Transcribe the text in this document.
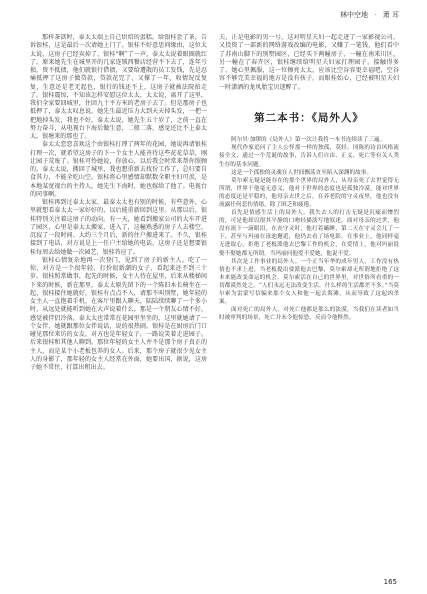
林中空地 · 萧 耳

那样茶獃时，泰太太端上自己烘焙的蛋糕，给银桂尝了茶，告诉银桂，这是最后一次请她上门了。银桂不好意思问缘由，这位太太说，这房子已经卖掉了，银桂“啊”了一声，泰太太说着眼圈就红了。原来她先生在城里开的几家连锁西餐店经营不下去了，连年亏损，资不抵债，他们就银行借债，又要给遭散的员工发钱，先是忍痛抵押了这房子做贷款，贷款花完了，又撑了一年，收情况反复复，生意还是老无起色，银行的钱还不上，这房子就被法院拍走了。银桂震惊，不知该怎样安慰这位太太，太太说，离开了这里，我们全家要回城里，住回九十平方米的老房子去了。但是那房子也抵押了，泰太太叹息说，她先生最近压力大到天天掉头发，一把一把地掉头发，我也不好，泰太太说，她先生五十岁了，之前一直在努力奋斗，从电视台下海后做生意，二般二落，感觉还比不上泰太太。银塘来的那也了。

泰太太恋恋喜欢这个由银桂打理了两年的花园，她说再请银桂打理一次，就希望这房子的下一个女主人能善待这些花花草草，刚让园子荒废了。银桂可怜她说，你放心，以后我会时常来帮你照顾的。泰太太说，搬回了城里，我也想重新去找份工作了，总归要自食其力，不能全吃山空。银桂将心里感情却默数全职主妇可羡，是本地某宽视台的主持人，她先生下海时，她也嫁给了他了。电视台的同事啊。

银桂再到过泰太太家，最泰太太也有别的时候，有些意外，心里就想看泰太太一家好好的，以后能重新回到这里。从那以后，银桂特别关注着这房子的动向。有一天，她看到搬家公司的大车开进了园区，心里是泰太太搬家，进入了，这幢熟悉的房子人去楼空，沉寂了一段时间。大约三个月后，新的住户搬进来了。不久，银桂接到了电话，对方说是上一任户主给她的电话，这房子还是想要银桂每周去给她做一次园艺，银桂答应了。

银桂心情复杂地再一次登门，见到了房子的新主人。吃了一惊，对方是一个很年轻，打扮很新潮的女子，看起来还不到三十岁。银桂照常做事，起先的时候，女主人待在屋里，后来从楼梯间下来的时候，新在那里，泰太太原先留下的一个陈旧木长椅坐在一起，银桂接住她就好，银桂有点点不入，请那不叫别墅，她年轻的女主人一直抱着手机，在客厅里跟人聊天，陆陆续续聊了一个多小时，从远处就能听到她在大声说着什么。那是一个朋友心情不好，感觉被伴侣冷落，泰太太也常常在花园里坐坐的，这里就她请了一个女伴，她就跟那位女伴说话，说的很热闹。银桂是在厨房后门口碰见那位来访的女友，对方也是年轻女子，一路说笑着走进园子。后来银桂和其他人聊到，那位年轻的女主人并不是那个房子真正的主人，而是某个小老板包养的女人。后来，那个房子就很少见女主人的身影了，那年轻的女主人经常在外面，她要出国，据说，这房子她不常住，打算出租出去。

夫，正是电影的男一号，这对明星夫妇一起走进了一家影视公司，又投资了一部新的网络游戏改编的电影，又赚了一笔钱，他们看中了苏南山脚下的别墅园区，已经买下两幢房子，一幢在南来川区，另一幢在了春卉区，银桂继续给明星夫妇家打理园子，接触得多了，她心里佩服，这一位擦亮太太，应该比空谷容更幸福吧，空谷容不够完美幸福的地方是没有孩子，而眼桂始心，已经被明星夫妇一时潇洒的龙凤胎宝贝迷醉了。

第二本书：《局外人》

阿尔贝·加缪的《局外人》第一次让我将一本书连续读了三遍。

现代作家追问了主人公怪那一样的独孤，莫轻、冈陈的诗首风格流接全文，通过一个荒诞的故事，告诉人们自由、正义、死亡等有关人类生存的基本问题。

这是一个孤独的灵魂在人世间飘荡直至陷入深渊的故事。

莫尔索无疑是能存在的那个世界的局外人，从母亲死了去世觉得无所谓，世界于他毫无意义，他对于世界的态度也是孤独冷漠，能对世界的态度还是平稳的，他母亲去世之后，在养老院的守灵夜里，他也没有流露任何悲伤情绪，除了困乏和疲倦。

首先是情感生活上的局外人。我失去人的打击无疑是沉痛而惨烈的，可是他却以很其平静的口吻轻描淡写地叙述，面对母亲的过世，他没有流下一滴眼泪，在丧守灵时，他打着瞌睡，第二天在守灵会儿了一下，甚至与玛丽在泳池邂逅，他仍去看了场电影。在事业上，他同样毫无进取心，拒绝了老板派他去巴黎工作的机会，在爱情上，他对玛丽说娶不娶她都无所谓，当玛丽问他爱不爱她，他说不爱。

其次是工作事业的局外人。一个正当年华的成年男人，工作没有热情也不求上进，当老板提出要派他去巴黎，莫尔索却无所谓地拒绝了这本来能改变命运的机会。莫尔索活在自己的世界里，对世俗所看重的一切都漠然处之。“人们永远无法改变生活，什么样的生活都差不多。”当莫尔索为雷蒙写信骗来那个女人和他一起去海滩，从而导致了这起凶杀案。

面对死亡的局外人。对死亡他都是那么的淡漠，当我们在读者如当时被审判的场景，死亡并未令他惊恐，反而令他释然。

165
